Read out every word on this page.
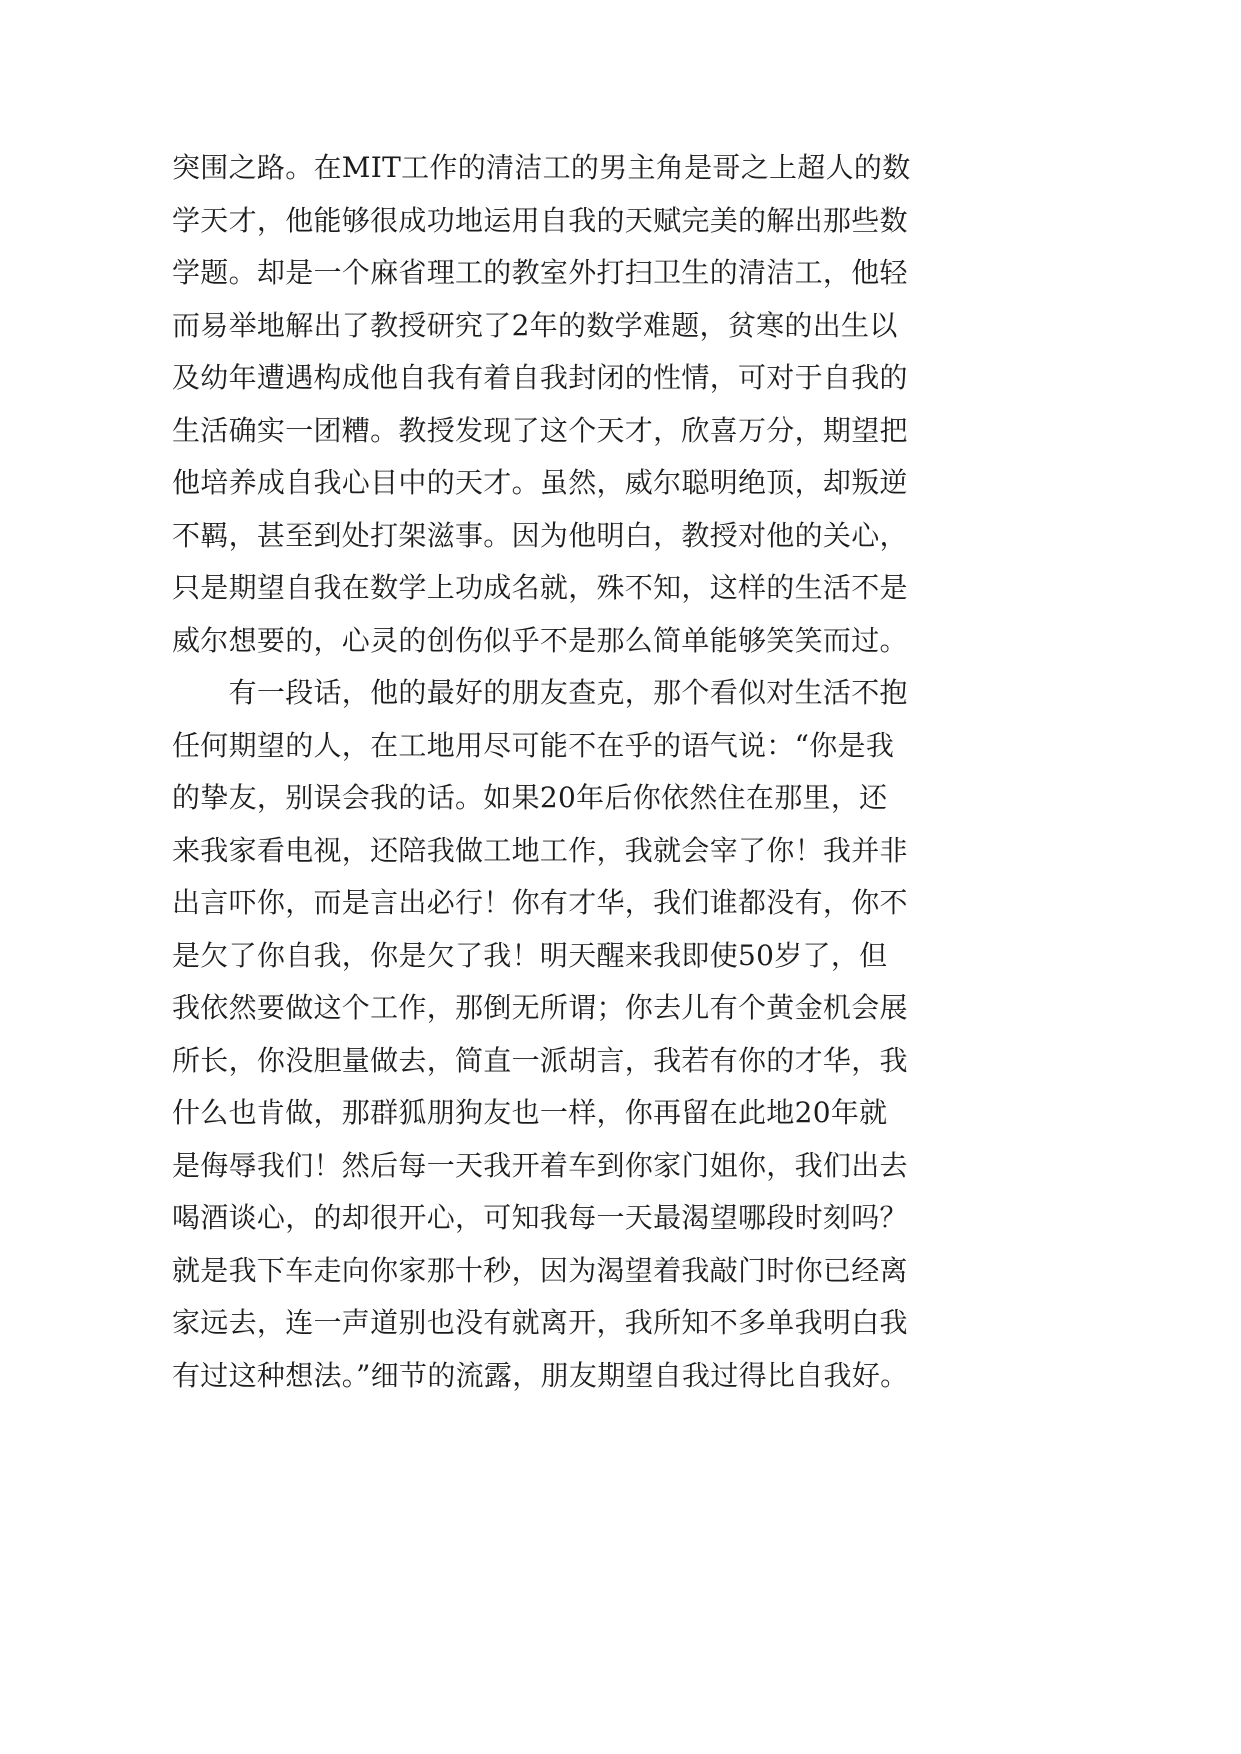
突围之路。在MIT工作的清洁工的男主角是哥之上超人的数
学天才，他能够很成功地运用自我的天赋完美的解出那些数
学题。却是一个麻省理工的教室外打扫卫生的清洁工，他轻
而易举地解出了教授研究了2年的数学难题，贫寒的出生以
及幼年遭遇构成他自我有着自我封闭的性情，可对于自我的
生活确实一团糟。教授发现了这个天才，欣喜万分，期望把
他培养成自我心目中的天才。虽然，威尔聪明绝顶，却叛逆
不羁，甚至到处打架滋事。因为他明白，教授对他的关心，
只是期望自我在数学上功成名就，殊不知，这样的生活不是
威尔想要的，心灵的创伤似乎不是那么简单能够笑笑而过。
　　有一段话，他的最好的朋友查克，那个看似对生活不抱
任何期望的人，在工地用尽可能不在乎的语气说：“你是我
的挚友，别误会我的话。如果20年后你依然住在那里，还
来我家看电视，还陪我做工地工作，我就会宰了你！我并非
出言吓你，而是言出必行！你有才华，我们谁都没有，你不
是欠了你自我，你是欠了我！明天醒来我即使50岁了，但
我依然要做这个工作，那倒无所谓；你去儿有个黄金机会展
所长，你没胆量做去，简直一派胡言，我若有你的才华，我
什么也肯做，那群狐朋狗友也一样，你再留在此地20年就
是侮辱我们！然后每一天我开着车到你家门姐你，我们出去
喝酒谈心，的却很开心，可知我每一天最渴望哪段时刻吗？
就是我下车走向你家那十秒，因为渴望着我敲门时你已经离
家远去，连一声道别也没有就离开，我所知不多单我明白我
有过这种想法。”细节的流露，朋友期望自我过得比自我好。
